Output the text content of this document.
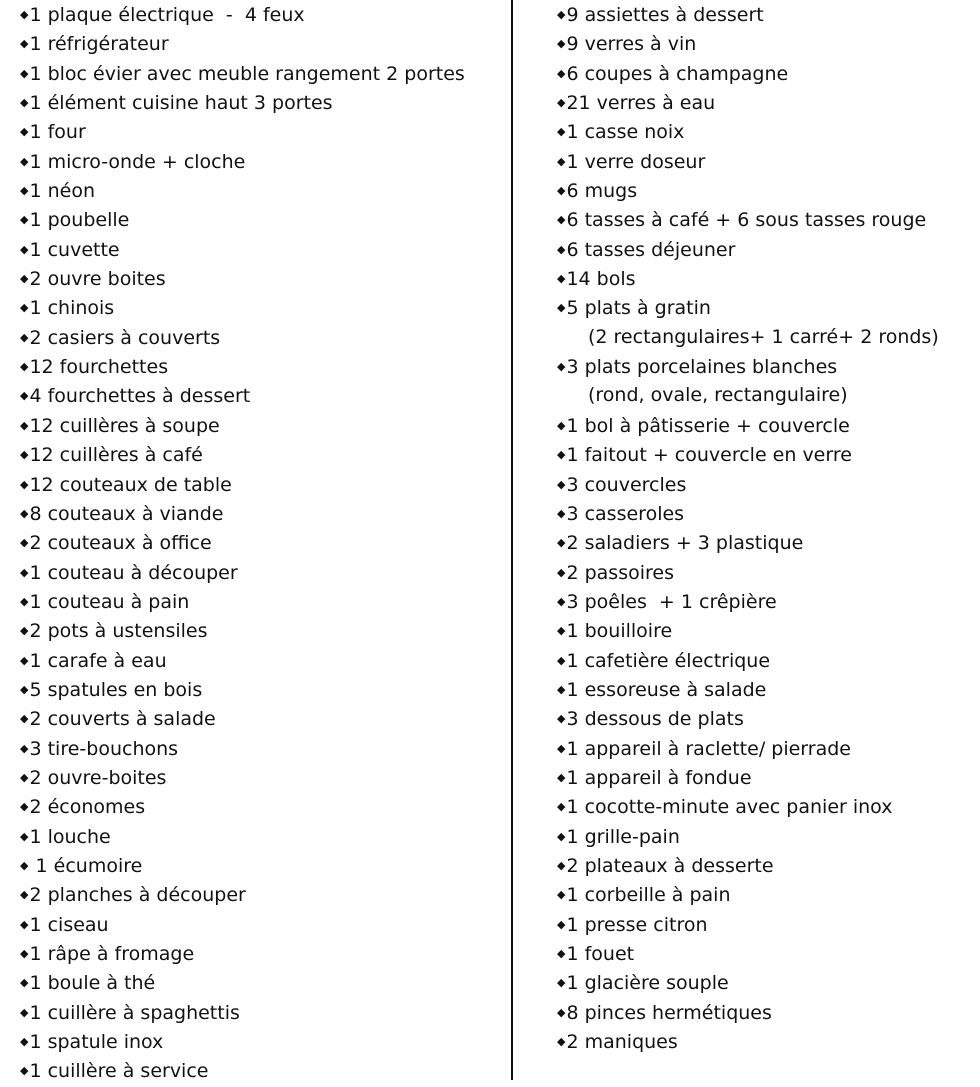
◆1 plaque électrique  -  4 feux
◆1 réfrigérateur
◆1 bloc évier avec meuble rangement 2 portes
◆1 élément cuisine haut 3 portes
◆1 four
◆1 micro-onde + cloche
◆1 néon
◆1 poubelle
◆1 cuvette
◆2 ouvre boites
◆1 chinois
◆2 casiers à couverts
◆12 fourchettes
◆4 fourchettes à dessert
◆12 cuillères à soupe
◆12 cuillères à café
◆12 couteaux de table
◆8 couteaux à viande
◆2 couteaux à office
◆1 couteau à découper
◆1 couteau à pain
◆2 pots à ustensiles
◆1 carafe à eau
◆5 spatules en bois
◆2 couverts à salade
◆3 tire-bouchons
◆2 ouvre-boites
◆2 économes
◆1 louche
◆ 1 écumoire
◆2 planches à découper
◆1 ciseau
◆1 râpe à fromage
◆1 boule à thé
◆1 cuillère à spaghettis
◆1 spatule inox
◆1 cuillère à service
◆9 assiettes à dessert
◆9 verres à vin
◆6 coupes à champagne
◆21 verres à eau
◆1 casse noix
◆1 verre doseur
◆6 mugs
◆6 tasses à café + 6 sous tasses rouge
◆6 tasses déjeuner
◆14 bols
◆5 plats à gratin
(2 rectangulaires+ 1 carré+ 2 ronds)
◆3 plats porcelaines blanches
(rond, ovale, rectangulaire)
◆1 bol à pâtisserie + couvercle
◆1 faitout + couvercle en verre
◆3 couvercles
◆3 casseroles
◆2 saladiers + 3 plastique
◆2 passoires
◆3 poêles  + 1 crêpière
◆1 bouilloire
◆1 cafetière électrique
◆1 essoreuse à salade
◆3 dessous de plats
◆1 appareil à raclette/ pierrade
◆1 appareil à fondue
◆1 cocotte-minute avec panier inox
◆1 grille-pain
◆2 plateaux à desserte
◆1 corbeille à pain
◆1 presse citron
◆1 fouet
◆1 glacière souple
◆8 pinces hermétiques
◆2 maniques
